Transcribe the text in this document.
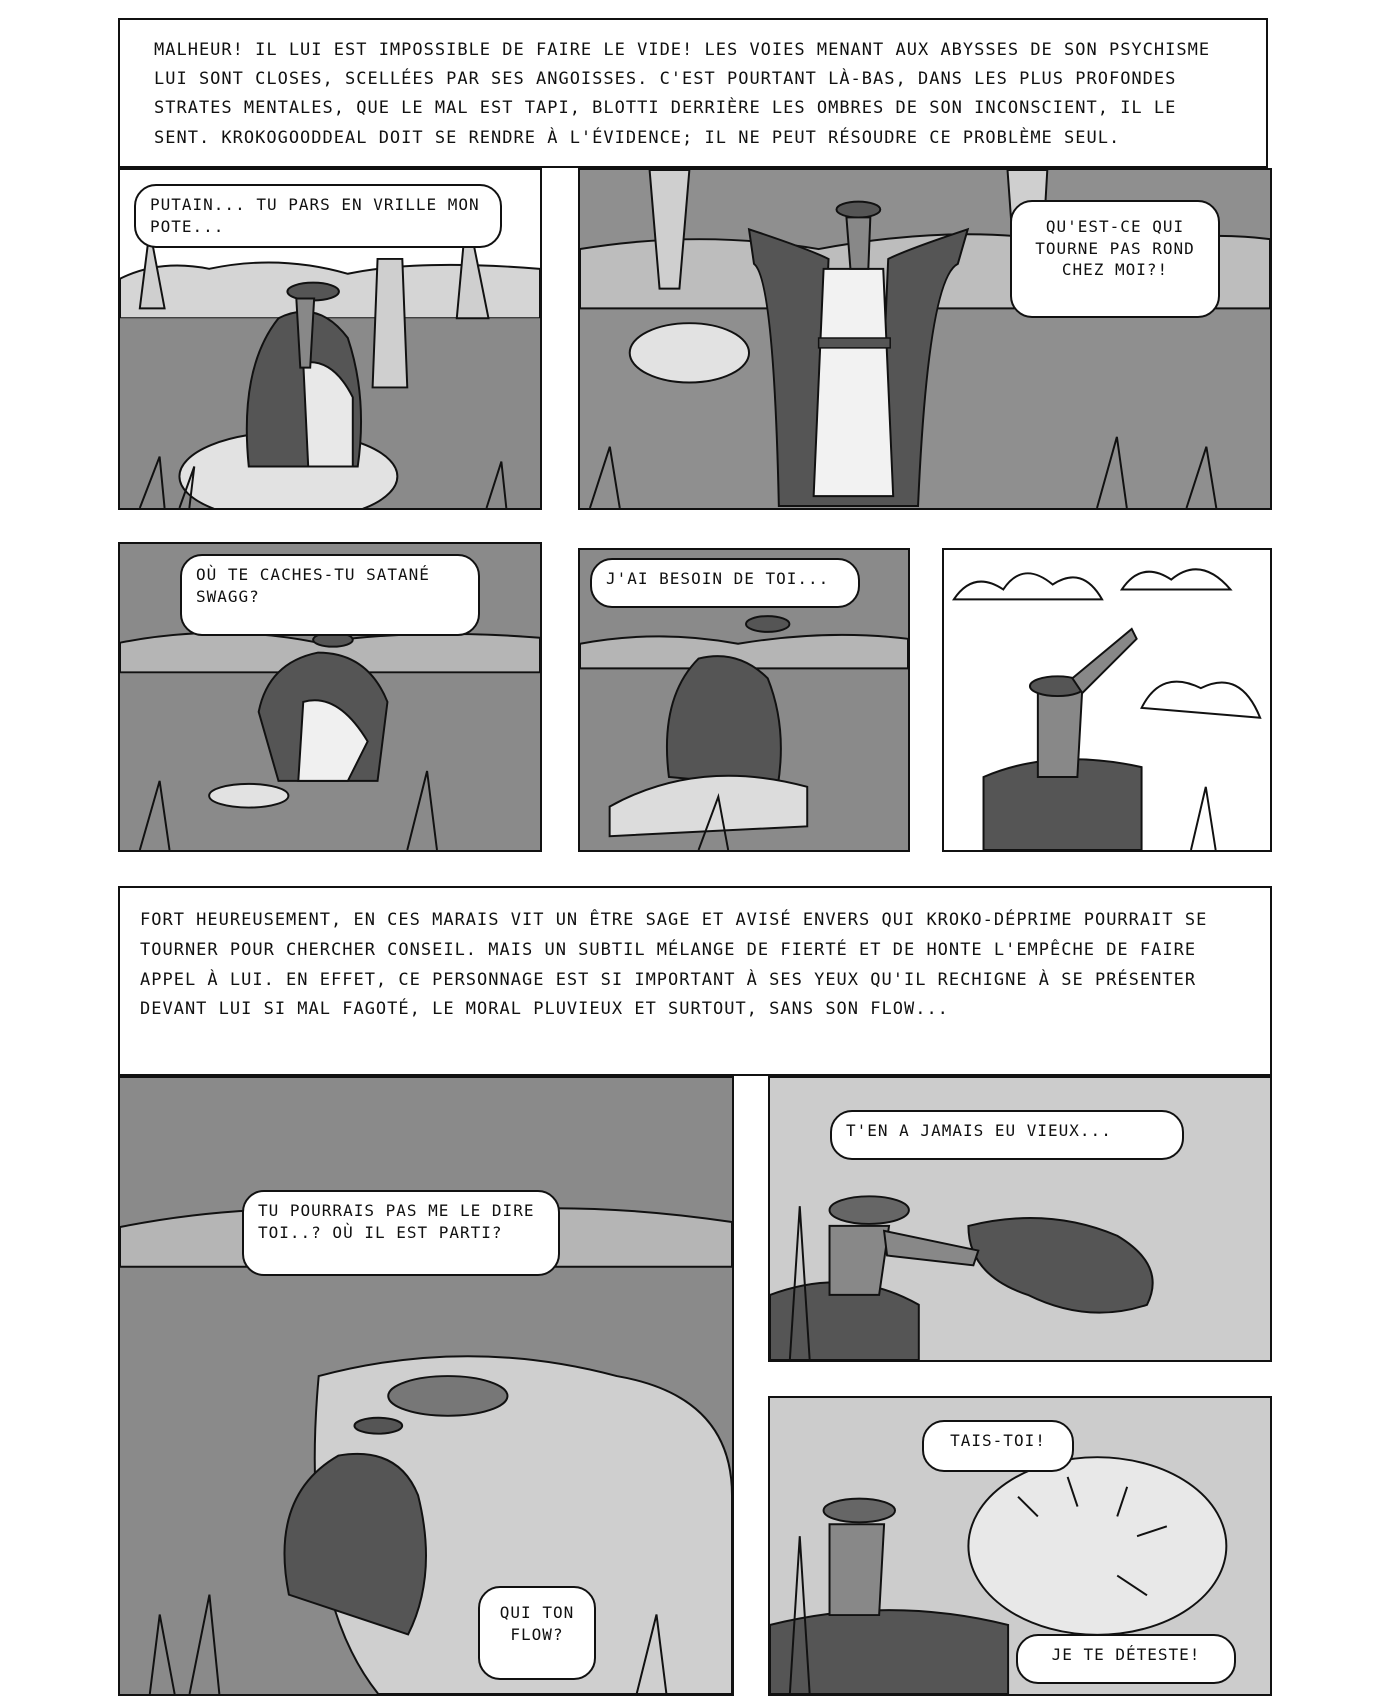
MALHEUR! IL LUI EST IMPOSSIBLE DE FAIRE LE VIDE! LES VOIES MENANT AUX ABYSSES DE SON PSYCHISME LUI SONT CLOSES, SCELLÉES PAR SES ANGOISSES. C'EST POURTANT LÀ-BAS, DANS LES PLUS PROFONDES STRATES MENTALES, QUE LE MAL EST TAPI, BLOTTI DERRIÈRE LES OMBRES DE SON INCONSCIENT, IL LE SENT. KROKOGOODDEAL DOIT SE RENDRE À L'ÉVIDENCE; IL NE PEUT RÉSOUDRE CE PROBLÈME SEUL.

PUTAIN... TU PARS EN VRILLE MON POTE...	QU'EST-CE QUI TOURNE PAS ROND CHEZ MOI?!
OÙ TE CACHES-TU SATANÉ SWAGG?
J'AI BESOIN DE TOI...

FORT HEUREUSEMENT, EN CES MARAIS VIT UN ÊTRE SAGE ET AVISÉ ENVERS QUI KROKO-DÉPRIME POURRAIT SE TOURNER POUR CHERCHER CONSEIL. MAIS UN SUBTIL MÉLANGE DE FIERTÉ ET DE HONTE L'EMPÊCHE DE FAIRE APPEL À LUI. EN EFFET, CE PERSONNAGE EST SI IMPORTANT À SES YEUX QU'IL RECHIGNE À SE PRÉSENTER DEVANT LUI SI MAL FAGOTÉ, LE MORAL PLUVIEUX ET SURTOUT, SANS SON FLOW...

TU POURRAIS PAS ME LE DIRE TOI..? OÙ IL EST PARTI?
QUI TON FLOW?
T'EN A JAMAIS EU VIEUX...
TAIS-TOI!
JE TE DÉTESTE!
